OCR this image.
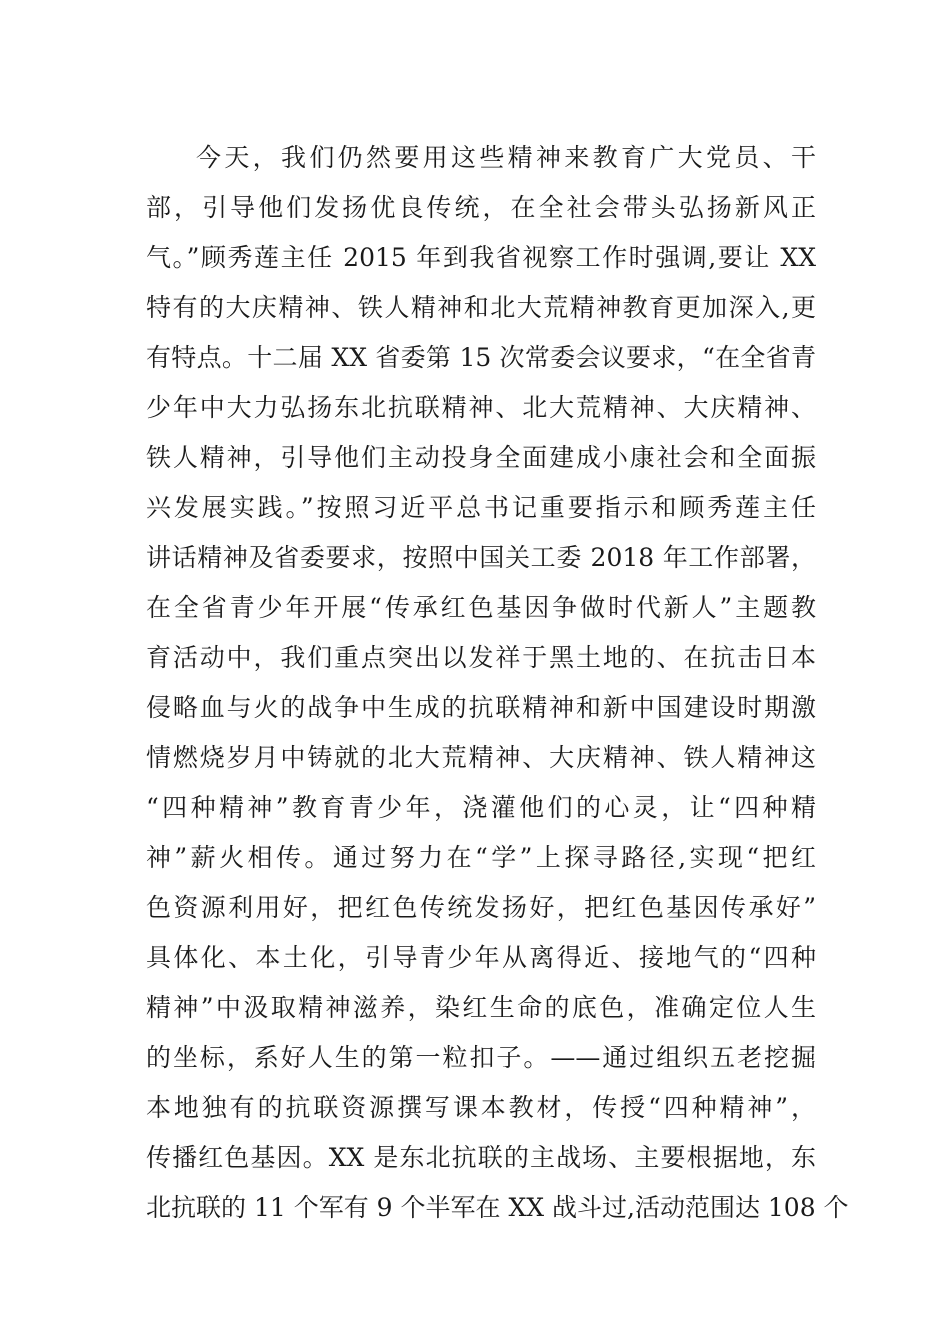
今天，我们仍然要用这些精神来教育广大党员、干
部，引导他们发扬优良传统，在全社会带头弘扬新风正
气。”顾秀莲主任 2015 年到我省视察工作时强调,要让 XX
特有的大庆精神、铁人精神和北大荒精神教育更加深入,更
有特点。十二届 XX 省委第 15 次常委会议要求，“在全省青
少年中大力弘扬东北抗联精神、北大荒精神、大庆精神、
铁人精神，引导他们主动投身全面建成小康社会和全面振
兴发展实践。”按照习近平总书记重要指示和顾秀莲主任
讲话精神及省委要求，按照中国关工委 2018 年工作部署，
在全省青少年开展“传承红色基因争做时代新人”主题教
育活动中，我们重点突出以发祥于黑土地的、在抗击日本
侵略血与火的战争中生成的抗联精神和新中国建设时期激
情燃烧岁月中铸就的北大荒精神、大庆精神、铁人精神这
“四种精神”教育青少年，浇灌他们的心灵，让“四种精
神”薪火相传。通过努力在“学”上探寻路径,实现“把红
色资源利用好，把红色传统发扬好，把红色基因传承好”
具体化、本土化，引导青少年从离得近、接地气的“四种
精神”中汲取精神滋养，染红生命的底色，准确定位人生
的坐标，系好人生的第一粒扣子。——通过组织五老挖掘
本地独有的抗联资源撰写课本教材，传授“四种精神”，
传播红色基因。XX 是东北抗联的主战场、主要根据地，东
北抗联的 11 个军有 9 个半军在 XX 战斗过,活动范围达 108 个
